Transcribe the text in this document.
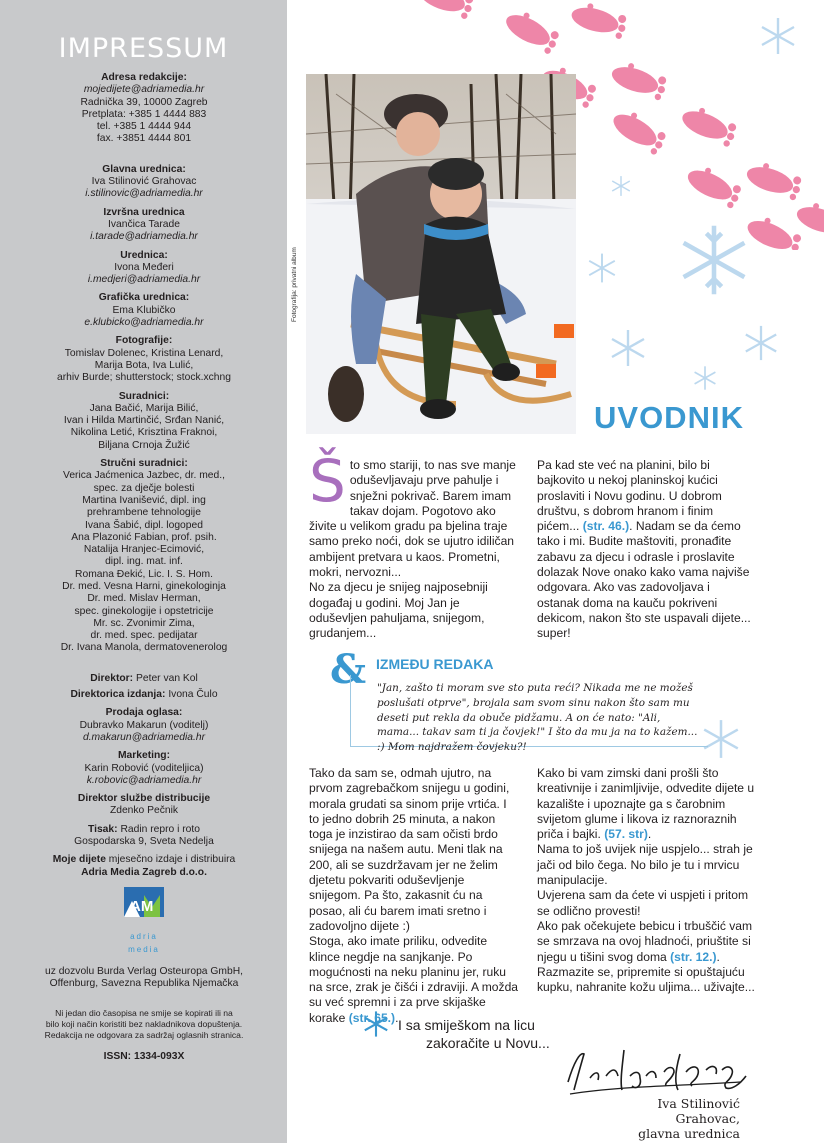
IMPRESSUM
Adresa redakcije:
mojedijete@adriamedia.hr
Radnička 39, 10000 Zagreb
Pretplata: +385 1 4444 883
tel. +385 1 4444 944
fax. +3851 4444 801
Glavna urednica:
Iva Stilinović Grahovac
i.stilinovic@adriamedia.hr
Izvršna urednica
Ivančica Tarade
i.tarade@adriamedia.hr
Urednica:
Ivona Međeri
i.medjeri@adriamedia.hr
Grafička urednica:
Ema Klubičko
e.klubicko@adriamedia.hr
Fotografije:
Tomislav Dolenec, Kristina Lenard,
Marija Bota, Iva Lulić,
arhiv Burde; shutterstock; stock.xchng
Suradnici:
Jana Bačić, Marija Bilić,
Ivan i Hilda Martinčić, Srđan Nanić,
Nikolina Letić, Krisztina Fraknoi,
Biljana Crnoja Žužić
Stručni suradnici:
Verica Jaćmenica Jazbec, dr. med.,
spec. za dječje bolesti
Martina Ivanišević, dipl. ing
prehrambene tehnologije
Ivana Šabić, dipl. logoped
Ana Plazonić Fabian, prof. psih.
Natalija Hranjec-Ecimović,
dipl. ing. mat. inf.
Romana Đekić, Lic. I. S. Hom.
Dr. med. Vesna Harni, ginekologinja
Dr. med. Mislav Herman,
spec. ginekologije i opstetricije
Mr. sc. Zvonimir Zima,
dr. med. spec. pedijatar
Dr. Ivana Manola, dermatovenerolog
Direktor: Peter van Kol
Direktorica izdanja: Ivona Čulo
Prodaja oglasa:
Dubravko Makarun (voditelj)
d.makarun@adriamedia.hr
Marketing:
Karin Robović (voditeljica)
k.robovic@adriamedia.hr
Direktor službe distribucije
Zdenko Pečnik
Tisak: Radin repro i roto
Gospodarska 9, Sveta Nedelja
Moje dijete mjesečno izdaje i distribuira
Adria Media Zagreb d.o.o.
AM
adria media
uz dozvolu Burda Verlag Osteuropa GmbH,
Offenburg, Savezna Republika Njemačka
Ni jedan dio časopisa ne smije se kopirati ili na
bilo koji način koristiti bez nakladnikova dopuštenja.
Redakcija ne odgovara za sadržaj oglasnih stranica.
ISSN: 1334-093X
Fotografija: privatni album
UVODNIK
Š to smo stariji, to nas sve manje oduševljavaju prve pahulje i snježni pokrivač. Barem imam takav dojam. Pogotovo ako živite u velikom gradu pa bjelina traje samo preko noći, dok se ujutro idiličan ambijent pretvara u kaos. Prometni, mokri, nervozni...
No za djecu je snijeg najposebniji događaj u godini. Moj Jan je oduševljen pahuljama, snijegom, grudanjem...
Pa kad ste već na planini, bilo bi bajkovito u nekoj planinskoj kućici proslaviti i Novu godinu. U dobrom društvu, s dobrom hranom i finim pićem... (str. 46.). Nadam se da ćemo tako i mi. Budite maštoviti, pronađite zabavu za djecu i odrasle i proslavite dolazak Nove onako kako vama najviše odgovara. Ako vas zadovoljava i ostanak doma na kauču pokriveni dekicom, nakon što ste uspavali dijete... super!
& IZMEĐU REDAKA
"Jan, zašto ti moram sve sto puta reći? Nikada me ne možeš poslušati otprve", brojala sam svom sinu nakon što sam mu deseti put rekla da obuče pidžamu. A on će nato: "Ali, mama... takav sam ti ja čovjek!" I što da mu ja na to kažem... :) Mom najdražem čovjeku?!
Tako da sam se, odmah ujutro, na prvom zagrebačkom snijegu u godini, morala grudati sa sinom prije vrtića. I to jedno dobrih 25 minuta, a nakon toga je inzistirao da sam očisti brdo snijega na našem autu. Meni tlak na 200, ali se suzdržavam jer ne želim djetetu pokvariti oduševljenje snijegom. Pa što, zakasnit ću na posao, ali ću barem imati sretno i zadovoljno dijete :)
Stoga, ako imate priliku, odvedite klince negdje na sanjkanje. Po mogućnosti na neku planinu jer, ruku na srce, zrak je čišći i zdraviji. A možda su već spremni i za prve skijaške korake (str. 65.).
Kako bi vam zimski dani prošli što kreativnije i zanimljivije, odvedite dijete u kazalište i upoznajte ga s čarobnim svijetom glume i likova iz raznoraznih priča i bajki. (57. str).
Nama to još uvijek nije uspjelo... strah je jači od bilo čega. No bilo je tu i mrvicu manipulacije.
Uvjerena sam da ćete vi uspjeti i pritom se odlično provesti!
Ako pak očekujete bebicu i trbuščić vam se smrzava na ovoj hladnoći, priuštite si njegu u tišini svog doma (str. 12.).
Razmazite se, pripremite si opuštajuću kupku, nahranite kožu uljima... uživajte...
I sa smiješkom na licu
zakoračite u Novu...
Iva Stilinović Grahovac,
glavna urednica
